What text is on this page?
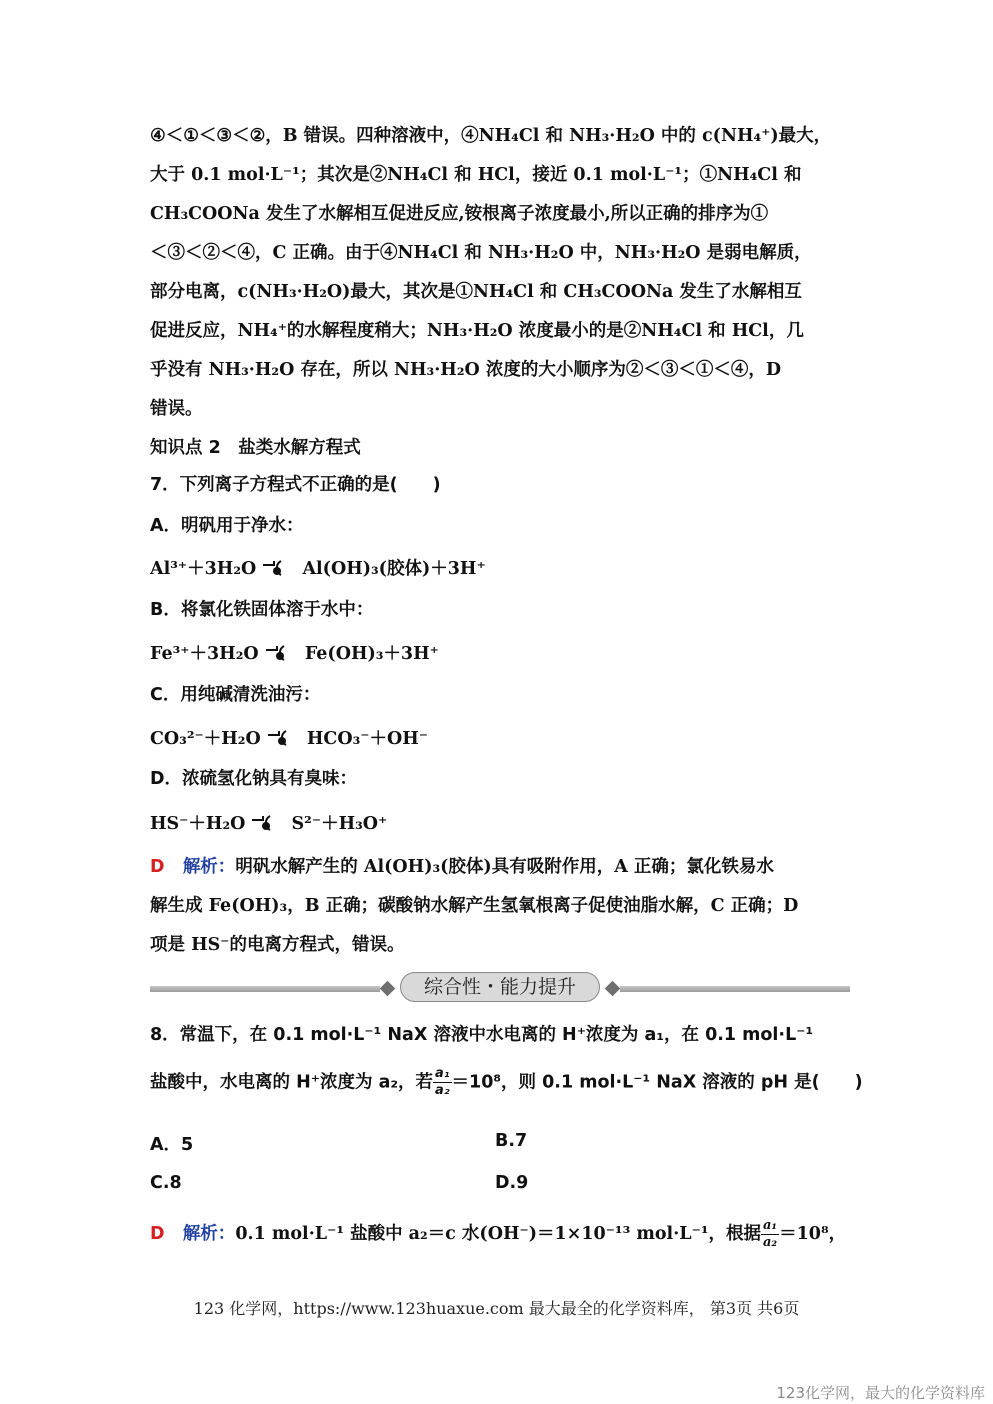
④＜①＜③＜②，B 错误。四种溶液中，④NH₄Cl 和 NH₃·H₂O 中的 c(NH₄⁺)最大，
大于 0.1 mol·L⁻¹；其次是②NH₄Cl 和 HCl，接近 0.1 mol·L⁻¹；①NH₄Cl 和
CH₃COONa 发生了水解相互促进反应,铵根离子浓度最小,所以正确的排序为①
＜③＜②＜④，C 正确。由于④NH₄Cl 和 NH₃·H₂O 中，NH₃·H₂O 是弱电解质，
部分电离，c(NH₃·H₂O)最大，其次是①NH₄Cl 和 CH₃COONa 发生了水解相互
促进反应，NH₄⁺的水解程度稍大；NH₃·H₂O 浓度最小的是②NH₄Cl 和 HCl，几
乎没有 NH₃·H₂O 存在，所以 NH₃·H₂O 浓度的大小顺序为②＜③＜①＜④，D
错误。
知识点 2　盐类水解方程式
7．下列离子方程式不正确的是(　　)
A．明矾用于净水：
Al³⁺＋3H₂O	Al(OH)₃(胶体)＋3H⁺
B．将氯化铁固体溶于水中：
Fe³⁺＋3H₂O	Fe(OH)₃＋3H⁺
C．用纯碱清洗油污：
CO₃²⁻＋H₂O	HCO₃⁻＋OH⁻
D．浓硫氢化钠具有臭味：
HS⁻＋H₂O	S²⁻＋H₃O⁺
D 解析：明矾水解产生的 Al(OH)₃(胶体)具有吸附作用，A 正确；氯化铁易水
解生成 Fe(OH)₃，B 正确；碳酸钠水解产生氢氧根离子促使油脂水解，C 正确；D
项是 HS⁻的电离方程式，错误。
综合性・能力提升
8．常温下，在 0.1 mol·L⁻¹ NaX 溶液中水电离的 H⁺浓度为 a₁，在 0.1 mol·L⁻¹
盐酸中，水电离的 H⁺浓度为 a₂，若 $\frac{\text{a₁}}{\text{a₂}} =10^8$，则 0.1 mol·L⁻¹ NaX 溶液的 pH 是(　　)
A．5	B.7
C.8	D.9
D 解析：0.1 mol·L⁻¹ 盐酸中 a₂＝c 水(OH⁻)＝1×10⁻¹³ mol·L⁻¹，根据 $\frac{\text{a₁}}{\text{a₂}} =10^8$，
123 化学网，https://www.123huaxue.com 最大最全的化学资料库， 第3页 共6页
123化学网，最大的化学资料库
